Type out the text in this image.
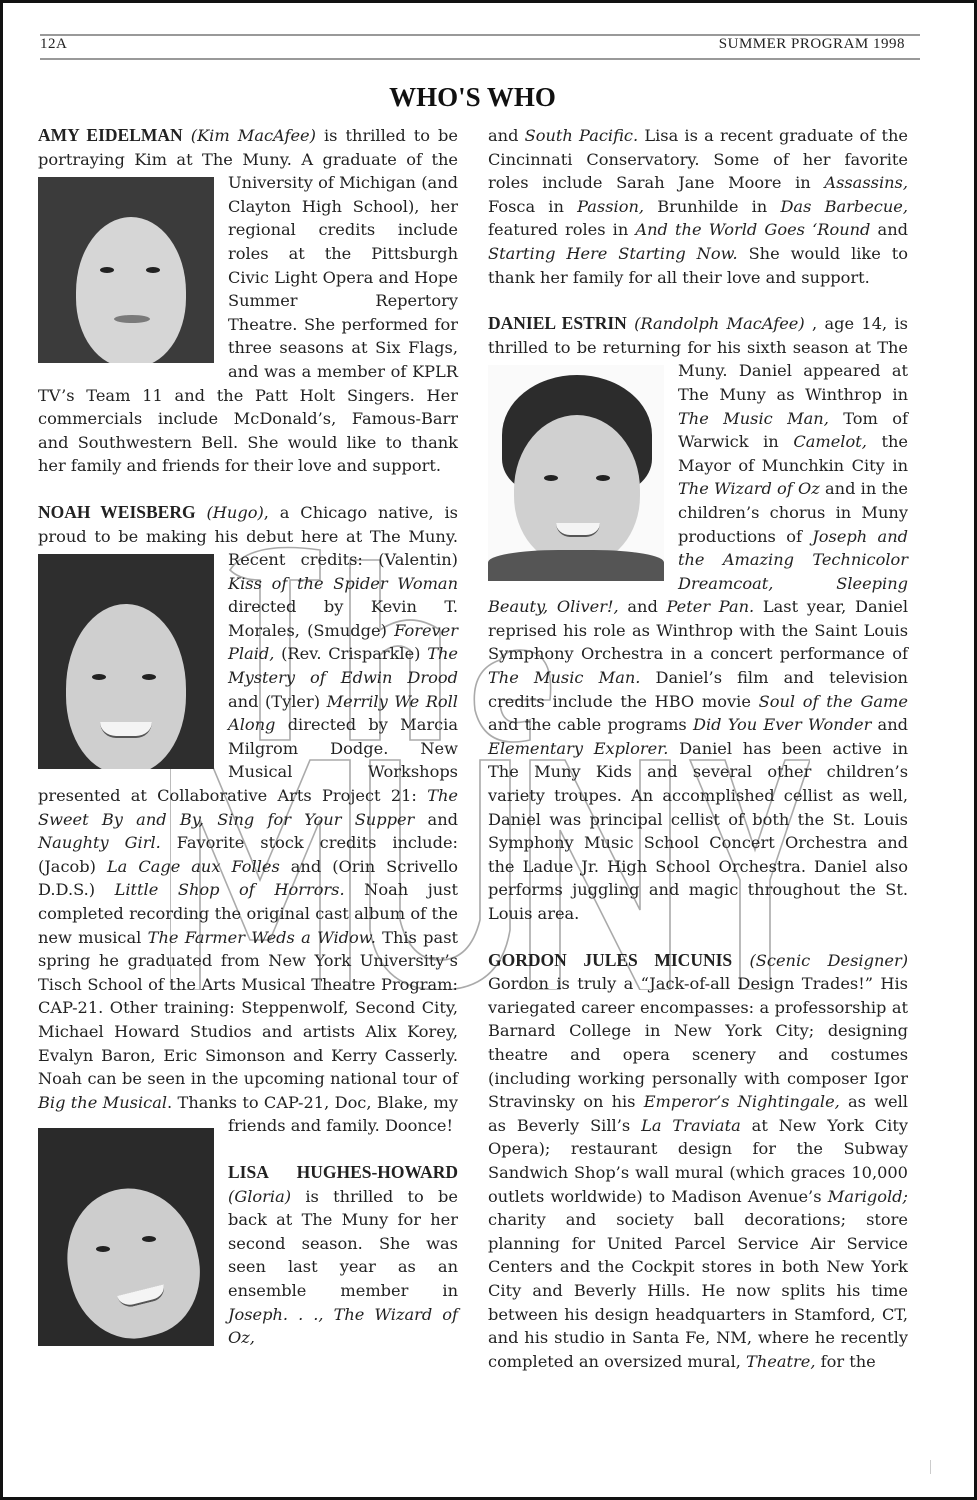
12A	SUMMER PROGRAM 1998
WHO'S WHO

AMY EIDELMAN (Kim MacAfee) is thrilled to be portraying Kim at The Muny. A graduate of
the University of Michigan (and Clayton High School), her regional credits include roles at the Pittsburgh Civic Light Opera and Hope Summer Repertory Theatre. She performed for three seasons at Six Flags, and was a member of KPLR TV’s Team 11 and the Patt Holt Singers. Her commercials include McDonald’s, Famous-Barr and Southwestern Bell. She would like to thank her family and friends for their love and support.

NOAH WEISBERG (Hugo), a Chicago native, is proud to be making his debut here at The Muny.
Recent credits: (Valentin) Kiss of the Spider Woman directed by Kevin T. Morales, (Smudge) Forever Plaid, (Rev. Crisparkle) The Mystery of Edwin Drood and (Tyler) Merrily We Roll Along directed by Marcia Milgrom Dodge. New Musical Workshops presented at Collaborative Arts Project 21: The Sweet By and By, Sing for Your Supper and Naughty Girl. Favorite stock credits include: (Jacob) La Cage aux Folles and (Orin Scrivello D.D.S.) Little Shop of Horrors. Noah just completed recording the original cast album of the new musical The Farmer Weds a Widow. This past spring he graduated from New York University’s Tisch School of the Arts Musical Theatre Program: CAP-21. Other training: Steppenwolf, Second City, Michael Howard Studios and artists Alix Korey, Evalyn Baron, Eric Simonson and Kerry Casserly. Noah can be seen in the upcoming national tour of Big the Musical. Thanks to CAP-21, Doc, Blake, my
friends and family. Doonce!

LISA HUGHES-HOWARD (Gloria) is thrilled to be back at The Muny for her second season. She was seen last year as an ensemble member in Joseph. . ., The Wizard of Oz,

and South Pacific. Lisa is a recent graduate of the Cincinnati Conservatory. Some of her favorite roles include Sarah Jane Moore in Assassins, Fosca in Passion, Brunhilde in Das Barbecue, featured roles in And the World Goes ‘Round and Starting Here Starting Now. She would like to thank her family for all their love and support.

DANIEL ESTRIN (Randolph MacAfee) , age 14, is thrilled to be returning for his sixth season at
The Muny. Daniel appeared at The Muny as Winthrop in The Music Man, Tom of Warwick in Camelot, the Mayor of Munchkin City in The Wizard of Oz and in the children’s chorus in Muny productions of Joseph and the Amazing Technicolor Dreamcoat, Sleeping Beauty, Oliver!, and Peter Pan. Last year, Daniel reprised his role as Winthrop with the Saint Louis Symphony Orchestra in a concert performance of The Music Man. Daniel’s film and television credits include the HBO movie Soul of the Game and the cable programs Did You Ever Wonder and Elementary Explorer. Daniel has been active in The Muny Kids and several other children’s variety troupes. An accomplished cellist as well, Daniel was principal cellist of both the St. Louis Symphony Music School Concert Orchestra and the Ladue Jr. High School Orchestra. Daniel also performs juggling and magic throughout the St. Louis area.

GORDON JULES MICUNIS (Scenic Designer) Gordon is truly a “Jack-of-all Design Trades!” His variegated career encompasses: a professorship at Barnard College in New York City; designing theatre and opera scenery and costumes (including working personally with composer Igor Stravinsky on his Emperor’s Nightingale, as well as Beverly Sill’s La Traviata at New York City Opera); restaurant design for the Subway Sandwich Shop’s wall mural (which graces 10,000 outlets worldwide) to Madison Avenue’s Marigold; charity and society ball decorations; store planning for United Parcel Service Air Service Centers and the Cockpit stores in both New York City and Beverly Hills. He now splits his time between his design headquarters in Stamford, CT, and his studio in Santa Fe, NM, where he recently completed an oversized mural, Theatre, for the
